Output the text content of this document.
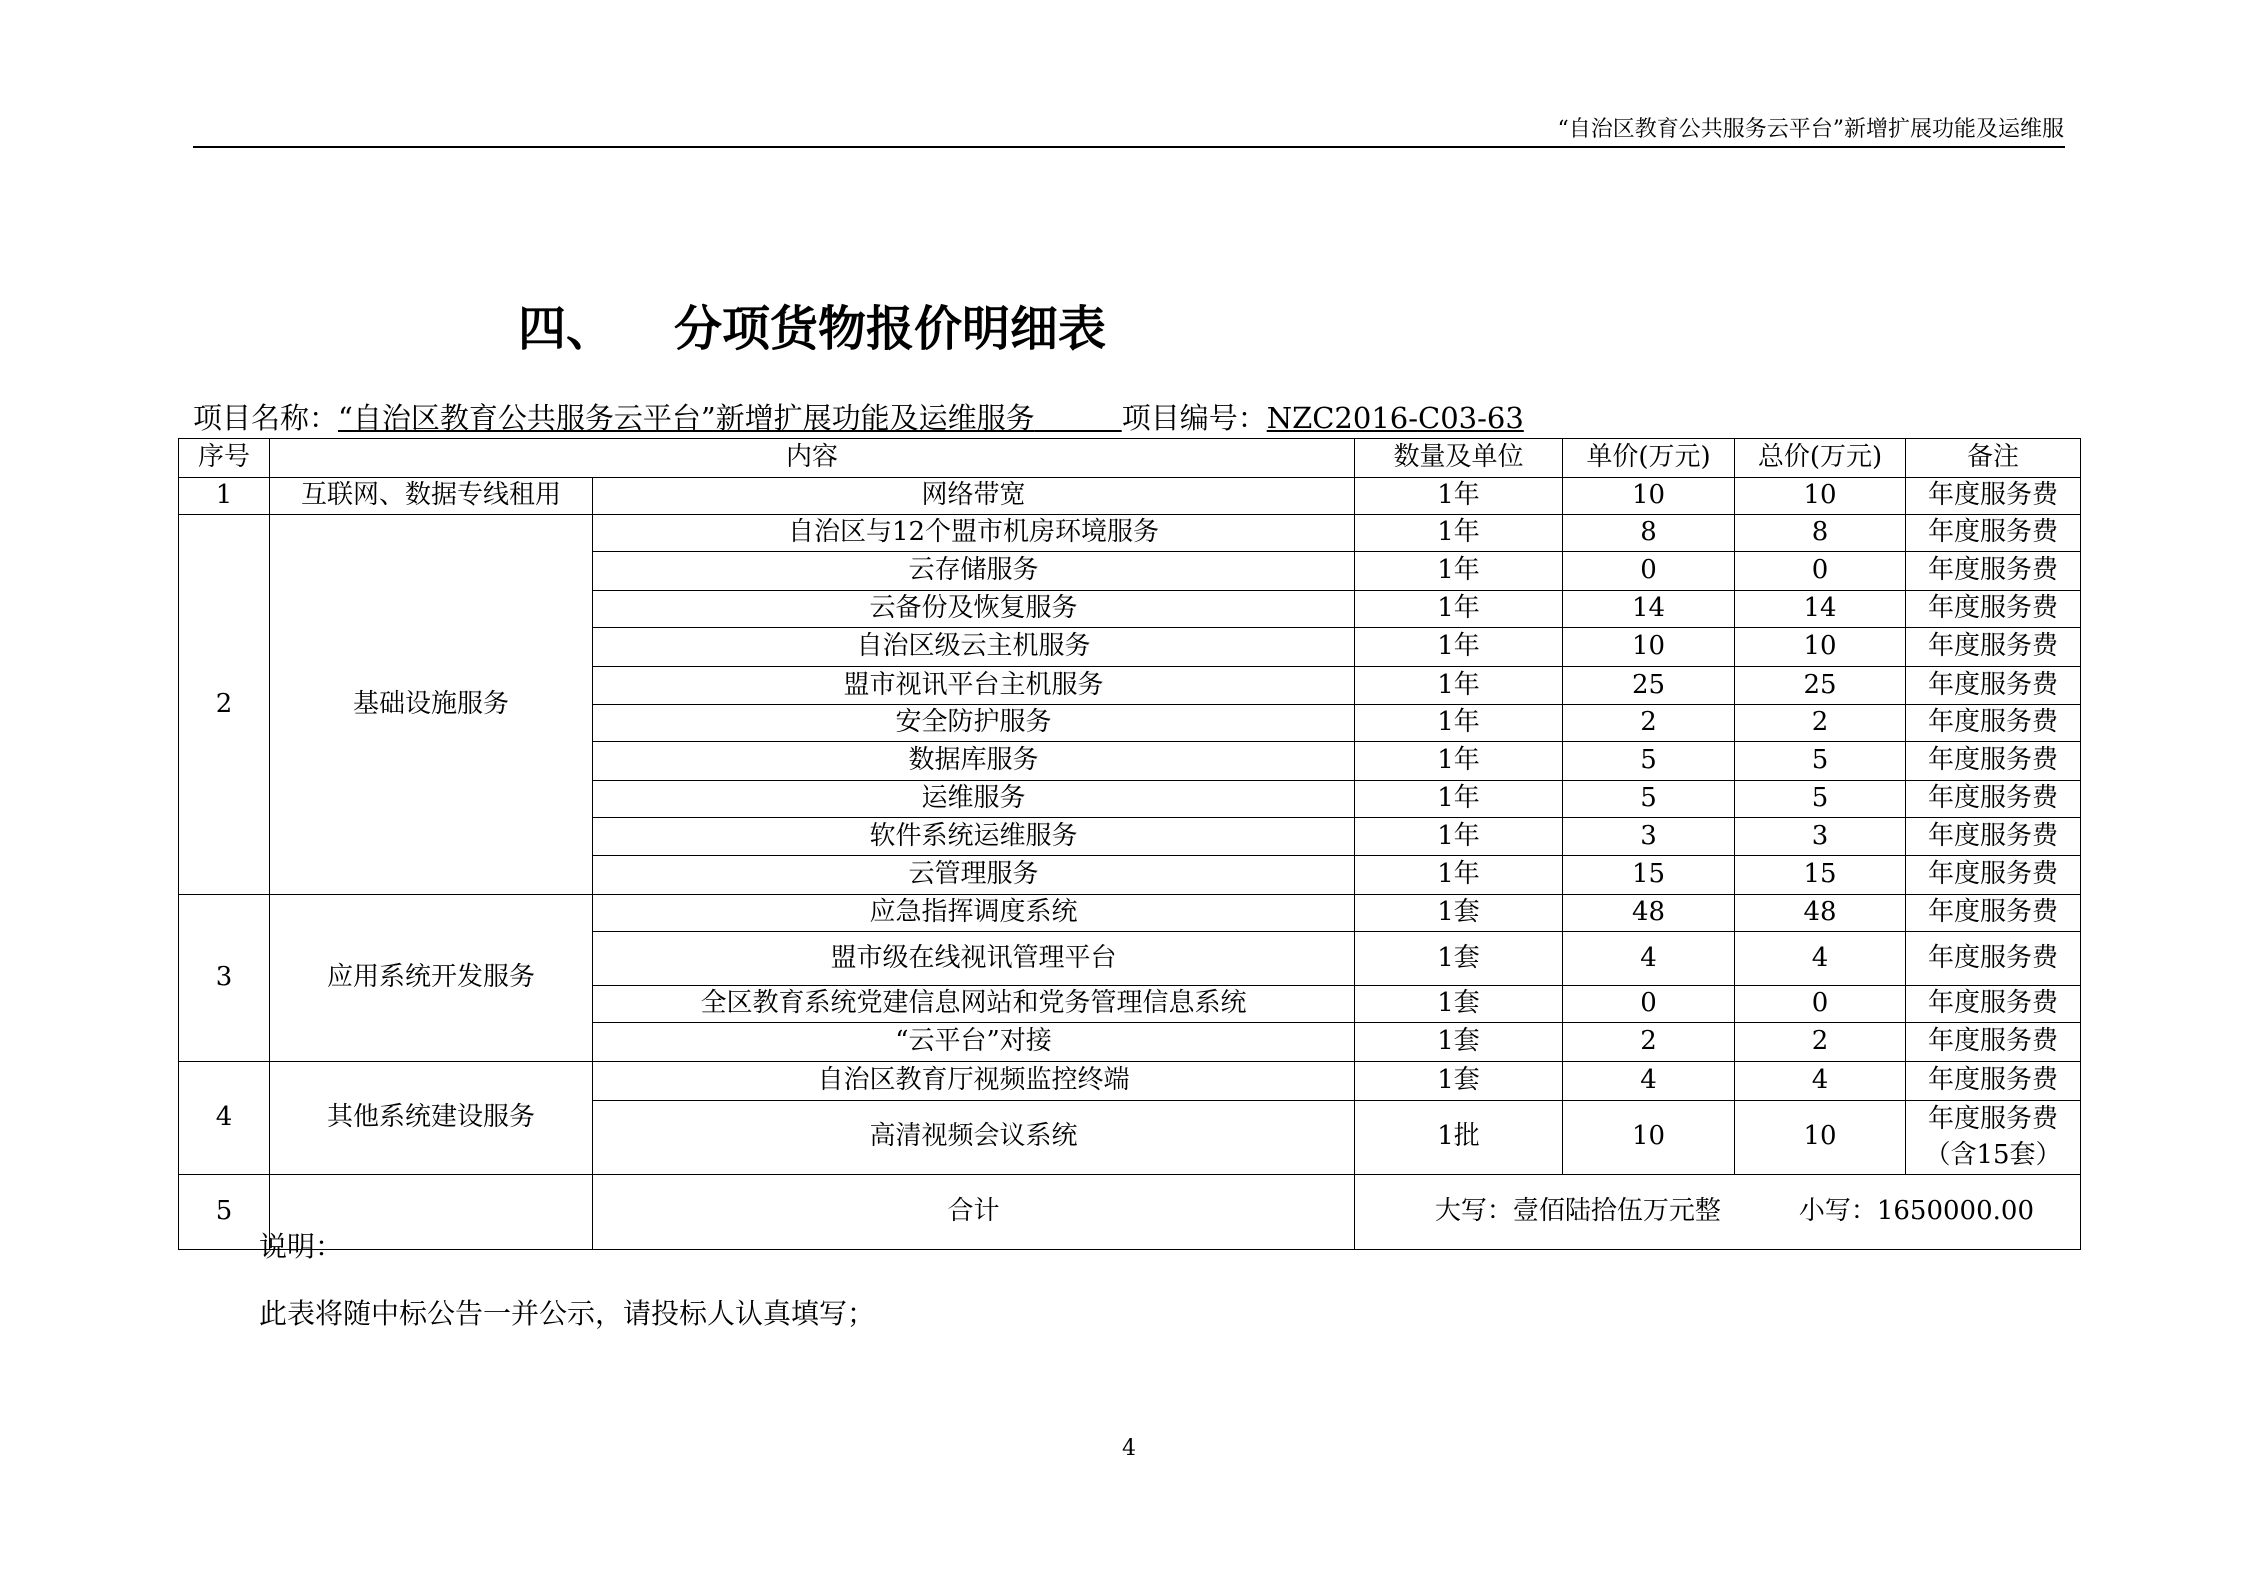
“自治区教育公共服务云平台”新增扩展功能及运维服
四、 分项货物报价明细表
项目名称：“自治区教育公共服务云平台”新增扩展功能及运维服务　　　	项目编号：NZC2016-C03-63
序号	内容		数量及单位	单价(万元)	总价(万元)	备注
1	互联网、数据专线租用	网络带宽	1年	10	10	年度服务费
2	基础设施服务	自治区与12个盟市机房环境服务	1年	8	8	年度服务费
		云存储服务	1年	0	0	年度服务费
		云备份及恢复服务	1年	14	14	年度服务费
		自治区级云主机服务	1年	10	10	年度服务费
		盟市视讯平台主机服务	1年	25	25	年度服务费
		安全防护服务	1年	2	2	年度服务费
		数据库服务	1年	5	5	年度服务费
		运维服务	1年	5	5	年度服务费
		软件系统运维服务	1年	3	3	年度服务费
		云管理服务	1年	15	15	年度服务费
3	应用系统开发服务	应急指挥调度系统	1套	48	48	年度服务费
		盟市级在线视讯管理平台	1套	4	4	年度服务费
		全区教育系统党建信息网站和党务管理信息系统	1套	0	0	年度服务费
		“云平台”对接	1套	2	2	年度服务费
4	其他系统建设服务	自治区教育厅视频监控终端	1套	4	4	年度服务费
		高清视频会议系统	1批	10	10	年度服务费
（含15套）
5		合计	大写：壹佰陆拾伍万元整　　　小写：1650000.00			
说明：
此表将随中标公告一并公示，请投标人认真填写；
4
